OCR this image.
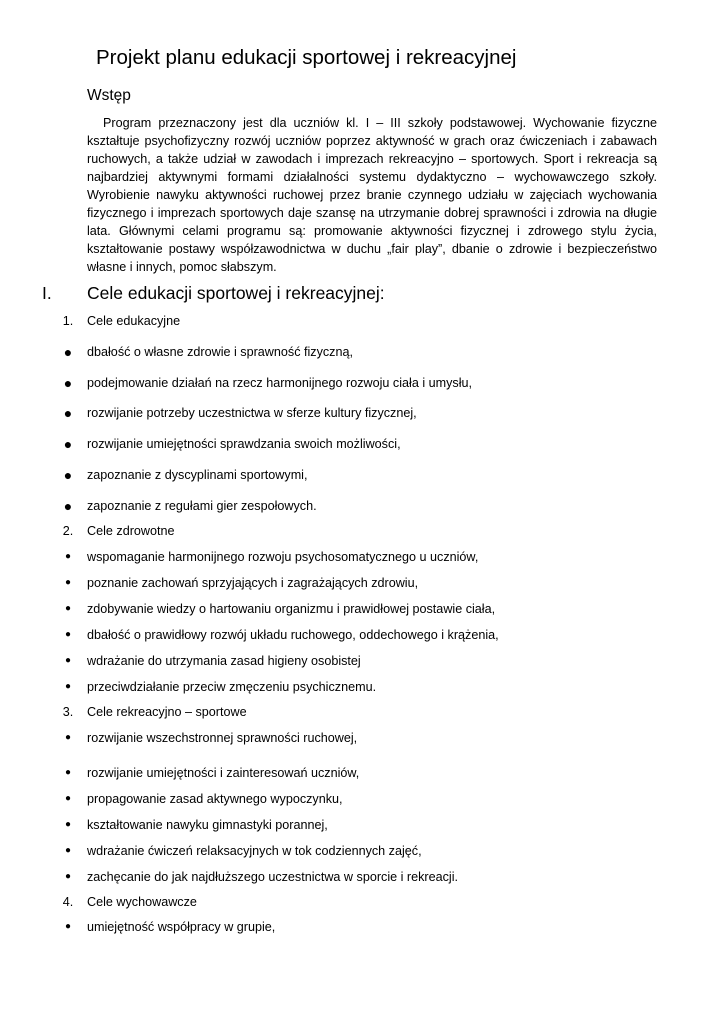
Projekt planu edukacji sportowej i rekreacyjnej
Wstęp
Program przeznaczony jest dla uczniów kl. I – III szkoły podstawowej. Wychowanie fizyczne kształtuje psychofizyczny rozwój uczniów poprzez aktywność w grach oraz ćwiczeniach i zabawach ruchowych, a także udział w zawodach i imprezach rekreacyjno – sportowych. Sport i rekreacja są najbardziej aktywnymi formami działalności systemu dydaktyczno – wychowawczego szkoły. Wyrobienie nawyku aktywności ruchowej przez branie czynnego udziału w zajęciach wychowania fizycznego i imprezach sportowych daje szansę na utrzymanie dobrej sprawności i zdrowia na długie lata. Głównymi celami programu są: promowanie aktywności fizycznej i zdrowego stylu życia, kształtowanie postawy współzawodnictwa w duchu „fair play”, dbanie o zdrowie i bezpieczeństwo własne i innych, pomoc słabszym.
I. Cele edukacji sportowej i rekreacyjnej:
1.	Cele edukacyjne
●	dbałość o własne zdrowie i sprawność fizyczną,
●	podejmowanie działań na rzecz harmonijnego rozwoju ciała i umysłu,
●	rozwijanie potrzeby uczestnictwa w sferze kultury fizycznej,
●	rozwijanie umiejętności sprawdzania swoich możliwości,
●	zapoznanie z dyscyplinami sportowymi,
●	zapoznanie z regułami gier zespołowych.
2.	Cele zdrowotne
●	wspomaganie harmonijnego rozwoju psychosomatycznego u uczniów,
●	poznanie zachowań sprzyjających i zagrażających zdrowiu,
●	zdobywanie wiedzy o hartowaniu organizmu i prawidłowej postawie ciała,
●	dbałość o prawidłowy rozwój układu ruchowego, oddechowego i krążenia,
●	wdrażanie do utrzymania zasad higieny osobistej
●	przeciwdziałanie przeciw zmęczeniu psychicznemu.
3.	Cele rekreacyjno – sportowe
●	rozwijanie wszechstronnej sprawności ruchowej,
●	rozwijanie umiejętności i zainteresowań uczniów,
●	propagowanie zasad aktywnego wypoczynku,
●	kształtowanie nawyku gimnastyki porannej,
●	wdrażanie ćwiczeń relaksacyjnych w tok codziennych zajęć,
●	zachęcanie do jak najdłuższego uczestnictwa w sporcie i rekreacji.
4.	Cele wychowawcze
●	umiejętność współpracy w grupie,
